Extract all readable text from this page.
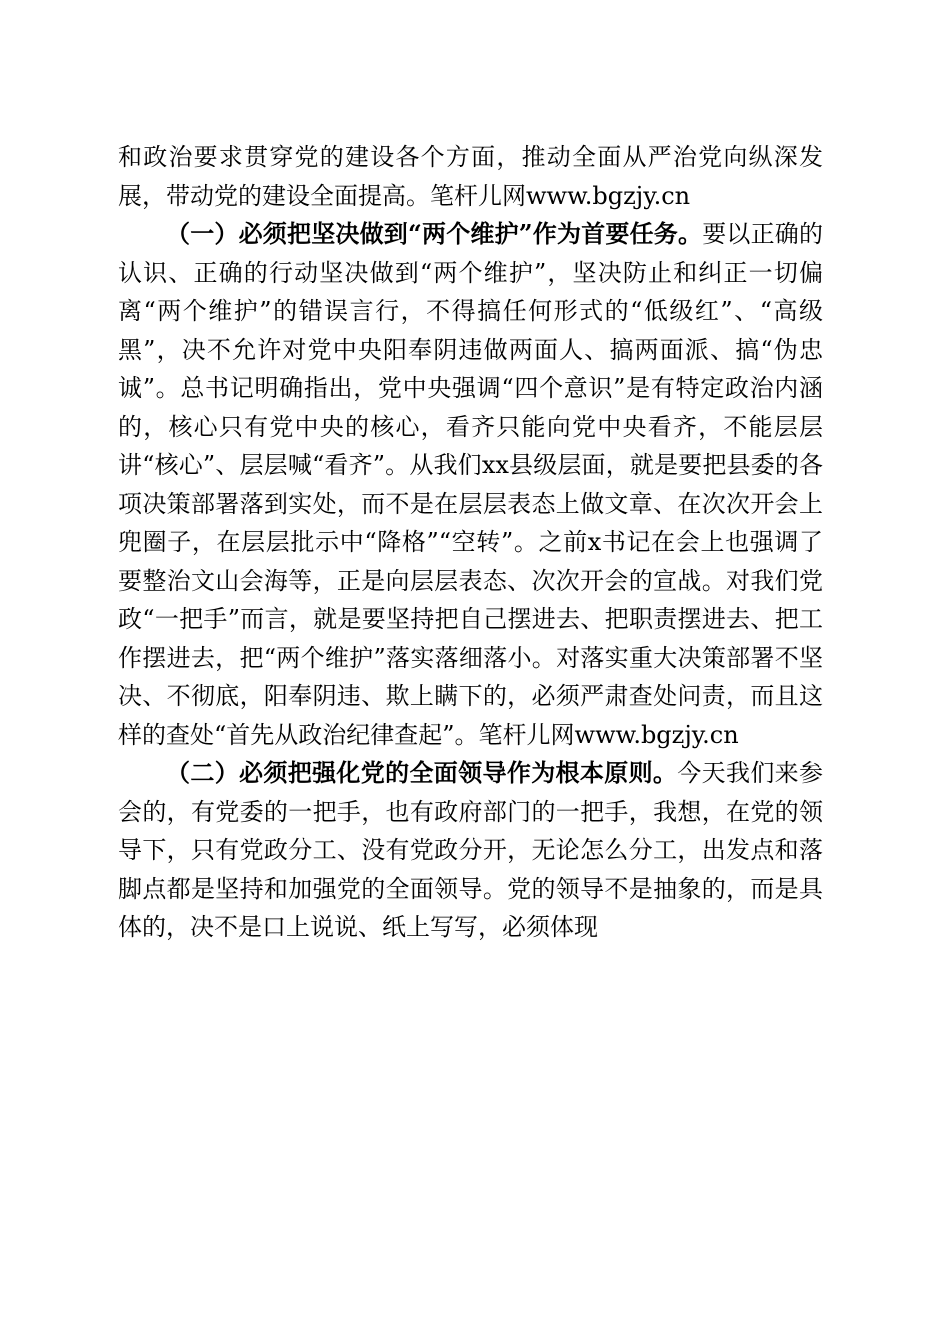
和政治要求贯穿党的建设各个方面，推动全面从严治党向纵深发展，带动党的建设全面提高。笔杆儿网www.bgzjy.cn

（一）必须把坚决做到“两个维护”作为首要任务。要以正确的认识、正确的行动坚决做到“两个维护”，坚决防止和纠正一切偏离“两个维护”的错误言行，不得搞任何形式的“低级红”、“高级黑”，决不允许对党中央阳奉阴违做两面人、搞两面派、搞“伪忠诚”。总书记明确指出，党中央强调“四个意识”是有特定政治内涵的，核心只有党中央的核心，看齐只能向党中央看齐，不能层层讲“核心”、层层喊“看齐”。从我们xx县级层面，就是要把县委的各项决策部署落到实处，而不是在层层表态上做文章、在次次开会上兜圈子，在层层批示中“降格”“空转”。之前x书记在会上也强调了要整治文山会海等，正是向层层表态、次次开会的宣战。对我们党政“一把手”而言，就是要坚持把自己摆进去、把职责摆进去、把工作摆进去，把“两个维护”落实落细落小。对落实重大决策部署不坚决、不彻底，阳奉阴违、欺上瞒下的，必须严肃查处问责，而且这样的查处“首先从政治纪律查起”。笔杆儿网www.bgzjy.cn

（二）必须把强化党的全面领导作为根本原则。今天我们来参会的，有党委的一把手，也有政府部门的一把手，我想，在党的领导下，只有党政分工、没有党政分开，无论怎么分工，出发点和落脚点都是坚持和加强党的全面领导。党的领导不是抽象的，而是具体的，决不是口上说说、纸上写写，必须体现
